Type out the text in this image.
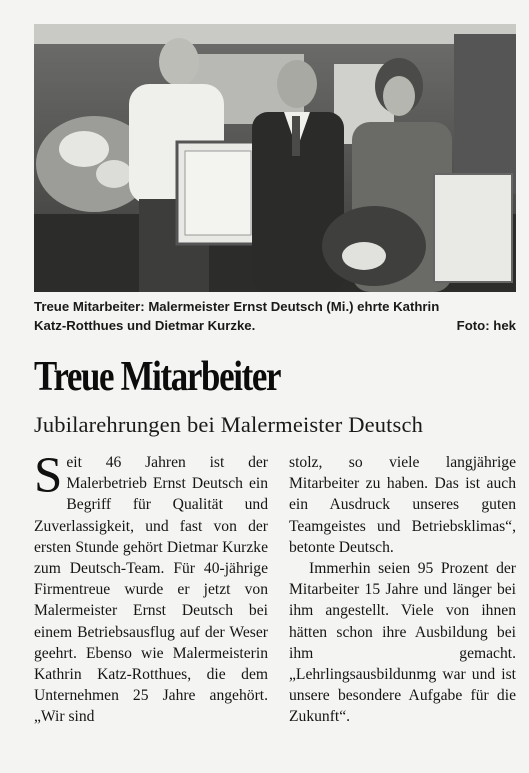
Treue Mitarbeiter: Malermeister Ernst Deutsch (Mi.) ehrte Kathrin
Katz-Rotthues und Dietmar Kurzke.	Foto: hek
Treue Mitarbeiter
Jubilarehrungen bei Malermeister Deutsch
S eit 46 Jahren ist der Malerbetrieb Ernst Deutsch ein Begriff für Qualität und Zuverlassigkeit, und fast von der ersten Stunde gehört Dietmar Kurzke zum Deutsch-Team. Für 40-jährige Firmentreue wurde er jetzt von Malermeister Ernst Deutsch bei einem Betriebsausflug auf der Weser geehrt. Ebenso wie Malermeisterin Kathrin Katz-Rotthues, die dem Unternehmen 25 Jahre angehört. „Wir sind

stolz, so viele langjährige Mitarbeiter zu haben. Das ist auch ein Ausdruck unseres guten Teamgeistes und Betriebsklimas“, betonte Deutsch.

Immerhin seien 95 Prozent der Mitarbeiter 15 Jahre und länger bei ihm angestellt. Viele von ihnen hätten schon ihre Ausbildung bei ihm gemacht. „Lehrlingsausbildunmg war und ist unsere besondere Aufgabe für die Zukunft“.
